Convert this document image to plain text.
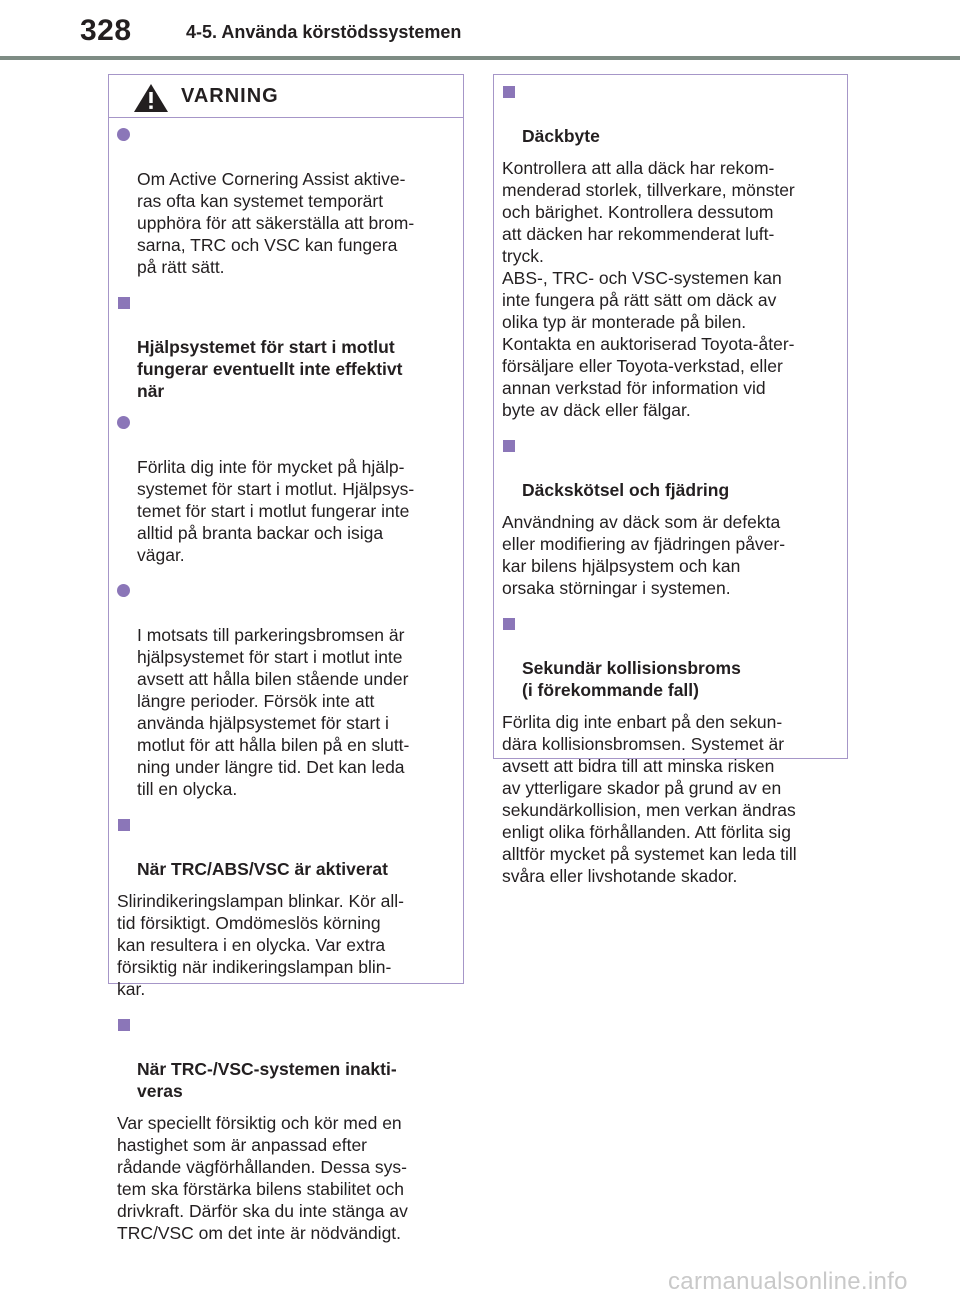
328	4-5. Använda körstödssystemen
VARNING

Om Active Cornering Assist aktive-
ras ofta kan systemet temporärt
upphöra för att säkerställa att brom-
sarna, TRC och VSC kan fungera
på rätt sätt.

Hjälpsystemet för start i motlut
fungerar eventuellt inte effektivt
när

Förlita dig inte för mycket på hjälp-
systemet för start i motlut. Hjälpsys-
temet för start i motlut fungerar inte
alltid på branta backar och isiga
vägar.

I motsats till parkeringsbromsen är
hjälpsystemet för start i motlut inte
avsett att hålla bilen stående under
längre perioder. Försök inte att
använda hjälpsystemet för start i
motlut för att hålla bilen på en slutt-
ning under längre tid. Det kan leda
till en olycka.

När TRC/ABS/VSC är aktiverat

Slirindikeringslampan blinkar. Kör all-
tid försiktigt. Omdömeslös körning
kan resultera i en olycka. Var extra
försiktig när indikeringslampan blin-
kar.

När TRC-/VSC-systemen inakti-
veras

Var speciellt försiktig och kör med en
hastighet som är anpassad efter
rådande vägförhållanden. Dessa sys-
tem ska förstärka bilens stabilitet och
drivkraft. Därför ska du inte stänga av
TRC/VSC om det inte är nödvändigt.

Däckbyte

Kontrollera att alla däck har rekom-
menderad storlek, tillverkare, mönster
och bärighet. Kontrollera dessutom
att däcken har rekommenderat luft-
tryck.
ABS-, TRC- och VSC-systemen kan
inte fungera på rätt sätt om däck av
olika typ är monterade på bilen.
Kontakta en auktoriserad Toyota-åter-
försäljare eller Toyota-verkstad, eller
annan verkstad för information vid
byte av däck eller fälgar.

Däckskötsel och fjädring

Användning av däck som är defekta
eller modifiering av fjädringen påver-
kar bilens hjälpsystem och kan
orsaka störningar i systemen.

Sekundär kollisionsbroms
(i förekommande fall)

Förlita dig inte enbart på den sekun-
dära kollisionsbromsen. Systemet är
avsett att bidra till att minska risken
av ytterligare skador på grund av en
sekundärkollision, men verkan ändras
enligt olika förhållanden. Att förlita sig
alltför mycket på systemet kan leda till
svåra eller livshotande skador.
carmanualsonline.info
